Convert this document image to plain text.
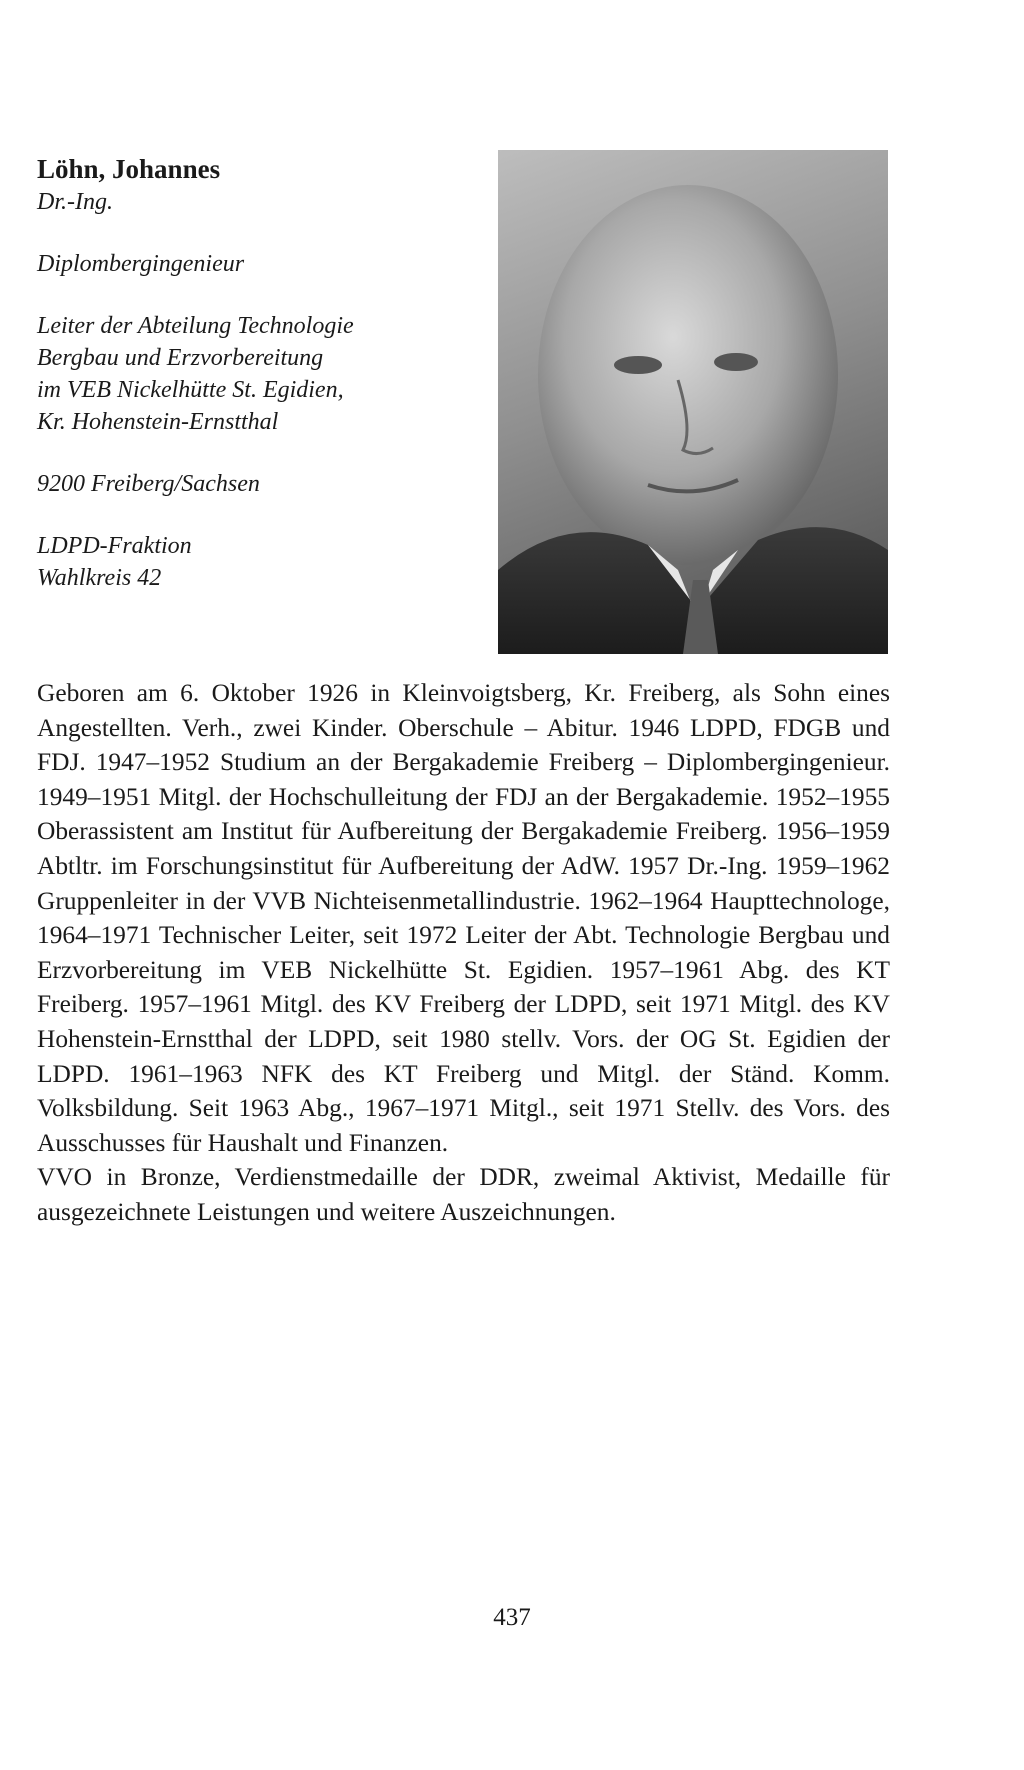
Löhn, Johannes

Dr.-Ing.

Diplombergingenieur

Leiter der Abteilung Technologie

Bergbau und Erzvorbereitung

im VEB Nickelhütte St. Egidien,

Kr. Hohenstein-Ernstthal

9200 Freiberg/Sachsen

LDPD-Fraktion

Wahlkreis 42

Geboren am 6. Oktober 1926 in Kleinvoigtsberg, Kr. Freiberg, als Sohn eines Angestellten. Verh., zwei Kinder. Oberschule – Abitur. 1946 LDPD, FDGB und FDJ. 1947–1952 Studium an der Bergakademie Freiberg – Diplombergingenieur. 1949–1951 Mitgl. der Hochschulleitung der FDJ an der Bergakademie. 1952–1955 Oberassistent am Institut für Aufbereitung der Bergakademie Freiberg. 1956–1959 Abtltr. im Forschungsinstitut für Aufbereitung der AdW. 1957 Dr.-Ing. 1959–1962 Gruppenleiter in der VVB Nichteisenmetallindustrie. 1962–1964 Haupttechnologe, 1964–1971 Technischer Leiter, seit 1972 Leiter der Abt. Technologie Bergbau und Erzvorbereitung im VEB Nickelhütte St. Egidien. 1957–1961 Abg. des KT Freiberg. 1957–1961 Mitgl. des KV Freiberg der LDPD, seit 1971 Mitgl. des KV Hohenstein-Ernstthal der LDPD, seit 1980 stellv. Vors. der OG St. Egidien der LDPD. 1961–1963 NFK des KT Freiberg und Mitgl. der Ständ. Komm. Volksbildung. Seit 1963 Abg., 1967–1971 Mitgl., seit 1971 Stellv. des Vors. des Ausschusses für Haushalt und Finanzen.

VVO in Bronze, Verdienstmedaille der DDR, zweimal Aktivist, Medaille für ausgezeichnete Leistungen und weitere Auszeichnungen.

437
